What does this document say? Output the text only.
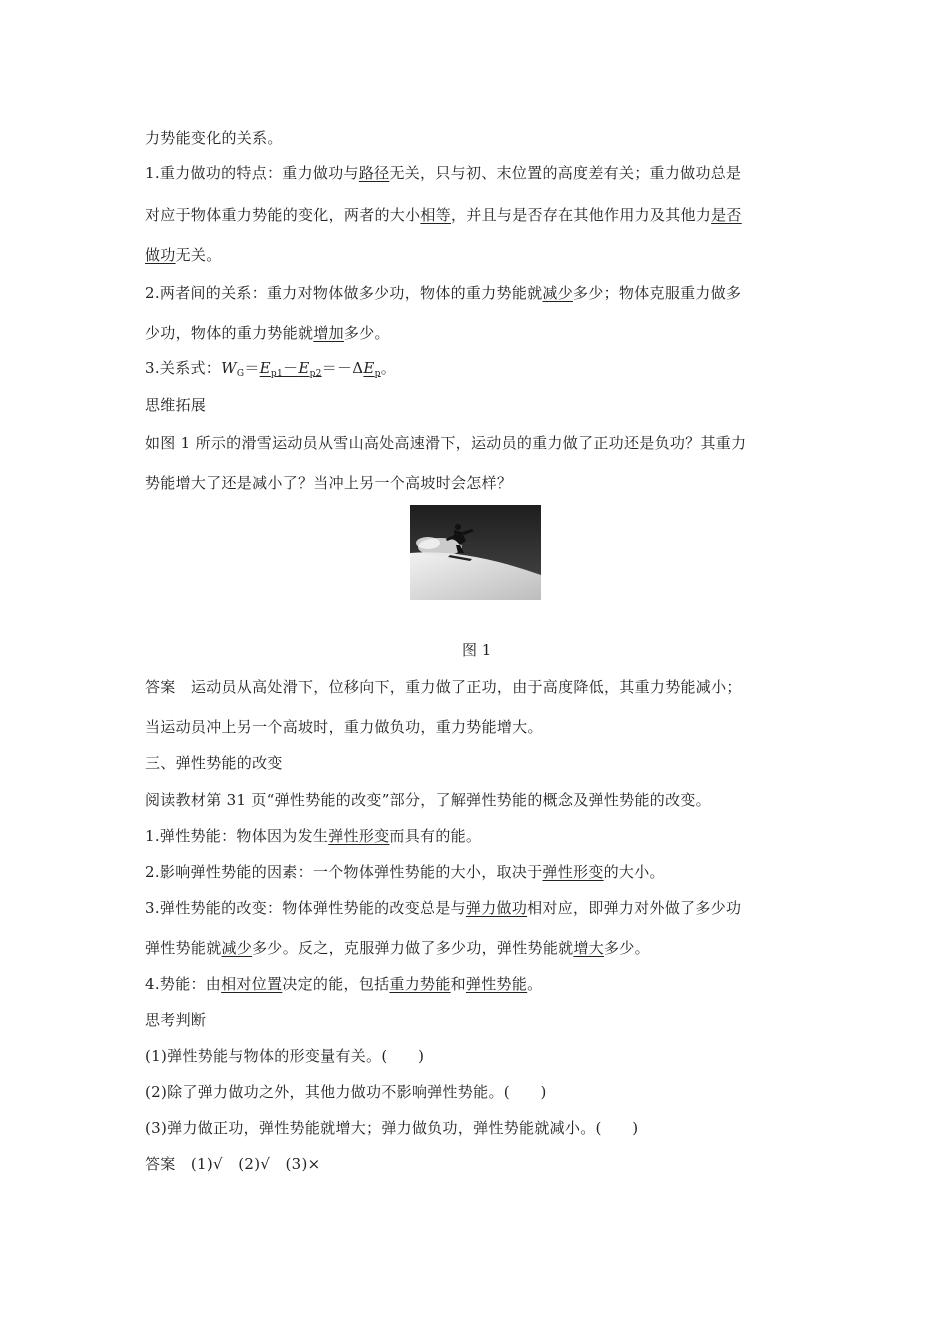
力势能变化的关系。
1.重力做功的特点：重力做功与路径无关，只与初、末位置的高度差有关；重力做功总是
对应于物体重力势能的变化，两者的大小相等，并且与是否存在其他作用力及其他力是否
做功无关。
2.两者间的关系：重力对物体做多少功，物体的重力势能就减少多少；物体克服重力做多
少功，物体的重力势能就增加多少。
3.关系式：$W_G=E_{p1}-E_{p2}=-\Delta E_p$。
思维拓展
如图 1 所示的滑雪运动员从雪山高处高速滑下，运动员的重力做了正功还是负功？其重力
势能增大了还是减小了？当冲上另一个高坡时会怎样？
图 1
答案　运动员从高处滑下，位移向下，重力做了正功，由于高度降低，其重力势能减小；
当运动员冲上另一个高坡时，重力做负功，重力势能增大。
三、弹性势能的改变
阅读教材第 31 页“弹性势能的改变”部分，了解弹性势能的概念及弹性势能的改变。
1.弹性势能：物体因为发生弹性形变而具有的能。
2.影响弹性势能的因素：一个物体弹性势能的大小，取决于弹性形变的大小。
3.弹性势能的改变：物体弹性势能的改变总是与弹力做功相对应，即弹力对外做了多少功
弹性势能就减少多少。反之，克服弹力做了多少功，弹性势能就增大多少。
4.势能：由相对位置决定的能，包括重力势能和弹性势能。
思考判断
(1)弹性势能与物体的形变量有关。(　　)
(2)除了弹力做功之外，其他力做功不影响弹性势能。(　　)
(3)弹力做正功，弹性势能就增大；弹力做负功，弹性势能就减小。(　　)
答案　(1)√　(2)√　(3)×
